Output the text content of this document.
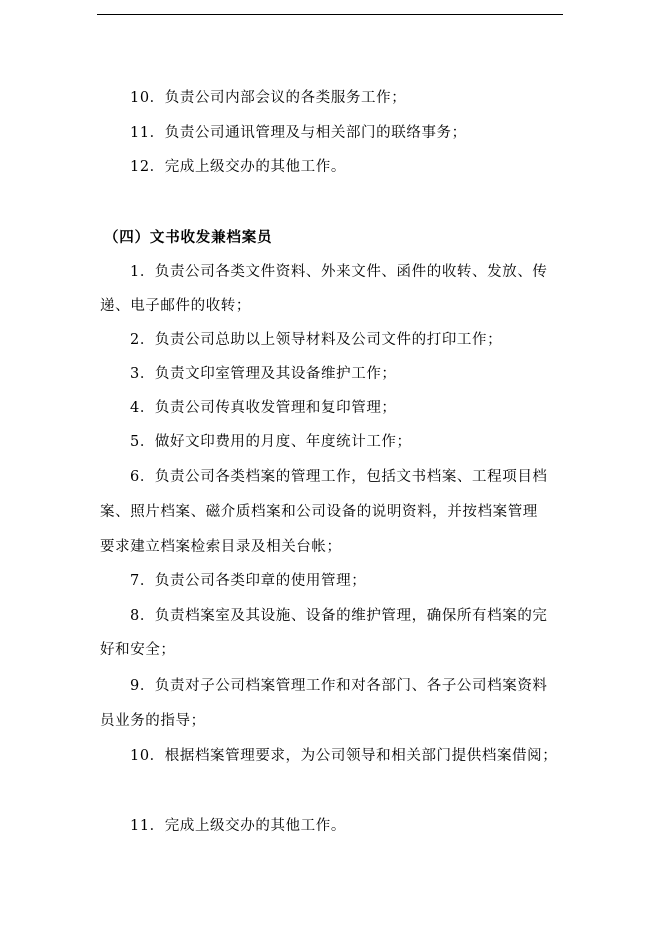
10．负责公司内部会议的各类服务工作；
11．负责公司通讯管理及与相关部门的联络事务；
12．完成上级交办的其他工作。
（四）文书收发兼档案员
1．负责公司各类文件资料、外来文件、函件的收转、发放、传
递、电子邮件的收转；
2．负责公司总助以上领导材料及公司文件的打印工作；
3．负责文印室管理及其设备维护工作；
4．负责公司传真收发管理和复印管理；
5．做好文印费用的月度、年度统计工作；
6．负责公司各类档案的管理工作，包括文书档案、工程项目档
案、照片档案、磁介质档案和公司设备的说明资料，并按档案管理
要求建立档案检索目录及相关台帐；
7．负责公司各类印章的使用管理；
8．负责档案室及其设施、设备的维护管理，确保所有档案的完
好和安全；
9．负责对子公司档案管理工作和对各部门、各子公司档案资料
员业务的指导；
10．根据档案管理要求，为公司领导和相关部门提供档案借阅；
11．完成上级交办的其他工作。
